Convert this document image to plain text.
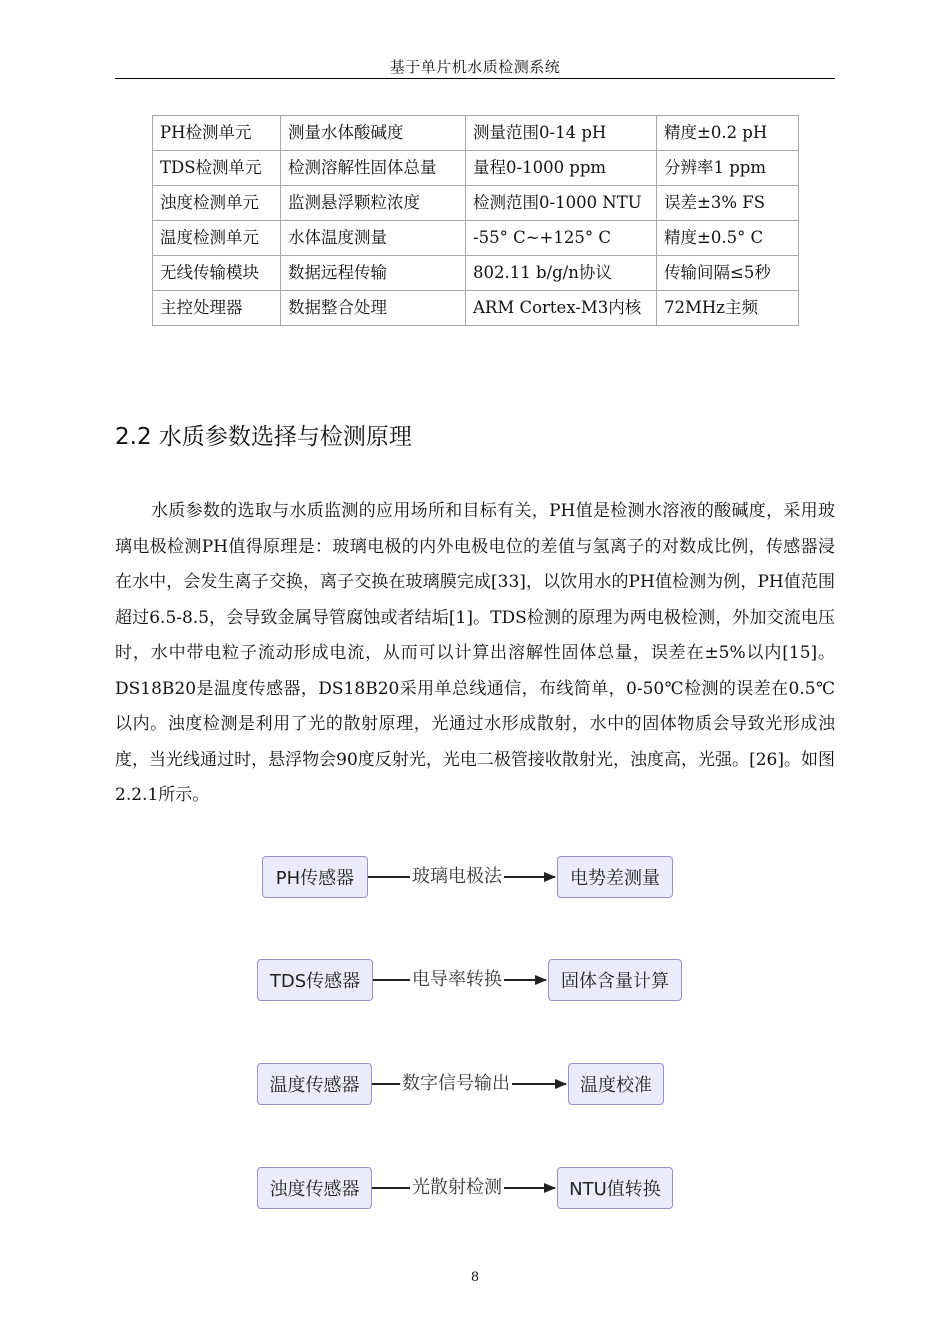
基于单片机水质检测系统
PH检测单元	测量水体酸碱度	测量范围0-14 pH	精度±0.2 pH
TDS检测单元	检测溶解性固体总量	量程0-1000 ppm	分辨率1 ppm
浊度检测单元	监测悬浮颗粒浓度	检测范围0-1000 NTU	误差±3% FS
温度检测单元	水体温度测量	-55° C~+125° C	精度±0.5° C
无线传输模块	数据远程传输	802.11 b/g/n协议	传输间隔≤5秒
主控处理器	数据整合处理	ARM Cortex-M3内核	72MHz主频
2.2 水质参数选择与检测原理

水质参数的选取与水质监测的应用场所和目标有关，PH值是检测水溶液的酸碱度，采用玻璃电极检测PH值得原理是：玻璃电极的内外电极电位的差值与氢离子的对数成比例，传感器浸在水中，会发生离子交换，离子交换在玻璃膜完成[33]，以饮用水的PH值检测为例，PH值范围超过6.5-8.5，会导致金属导管腐蚀或者结垢[1]。TDS检测的原理为两电极检测，外加交流电压时，水中带电粒子流动形成电流，从而可以计算出溶解性固体总量，误差在±5%以内[15]。DS18B20是温度传感器，DS18B20采用单总线通信，布线简单，0-50℃检测的误差在0.5℃以内。浊度检测是利用了光的散射原理，光通过水形成散射，水中的固体物质会导致光形成浊度，当光线通过时，悬浮物会90度反射光，光电二极管接收散射光，浊度高，光强。[26]。如图2.2.1所示。

PH传感器	玻璃电极法	电势差测量
TDS传感器	电导率转换	固体含量计算
温度传感器	数字信号输出	温度校准
浊度传感器	光散射检测	NTU值转换
8
